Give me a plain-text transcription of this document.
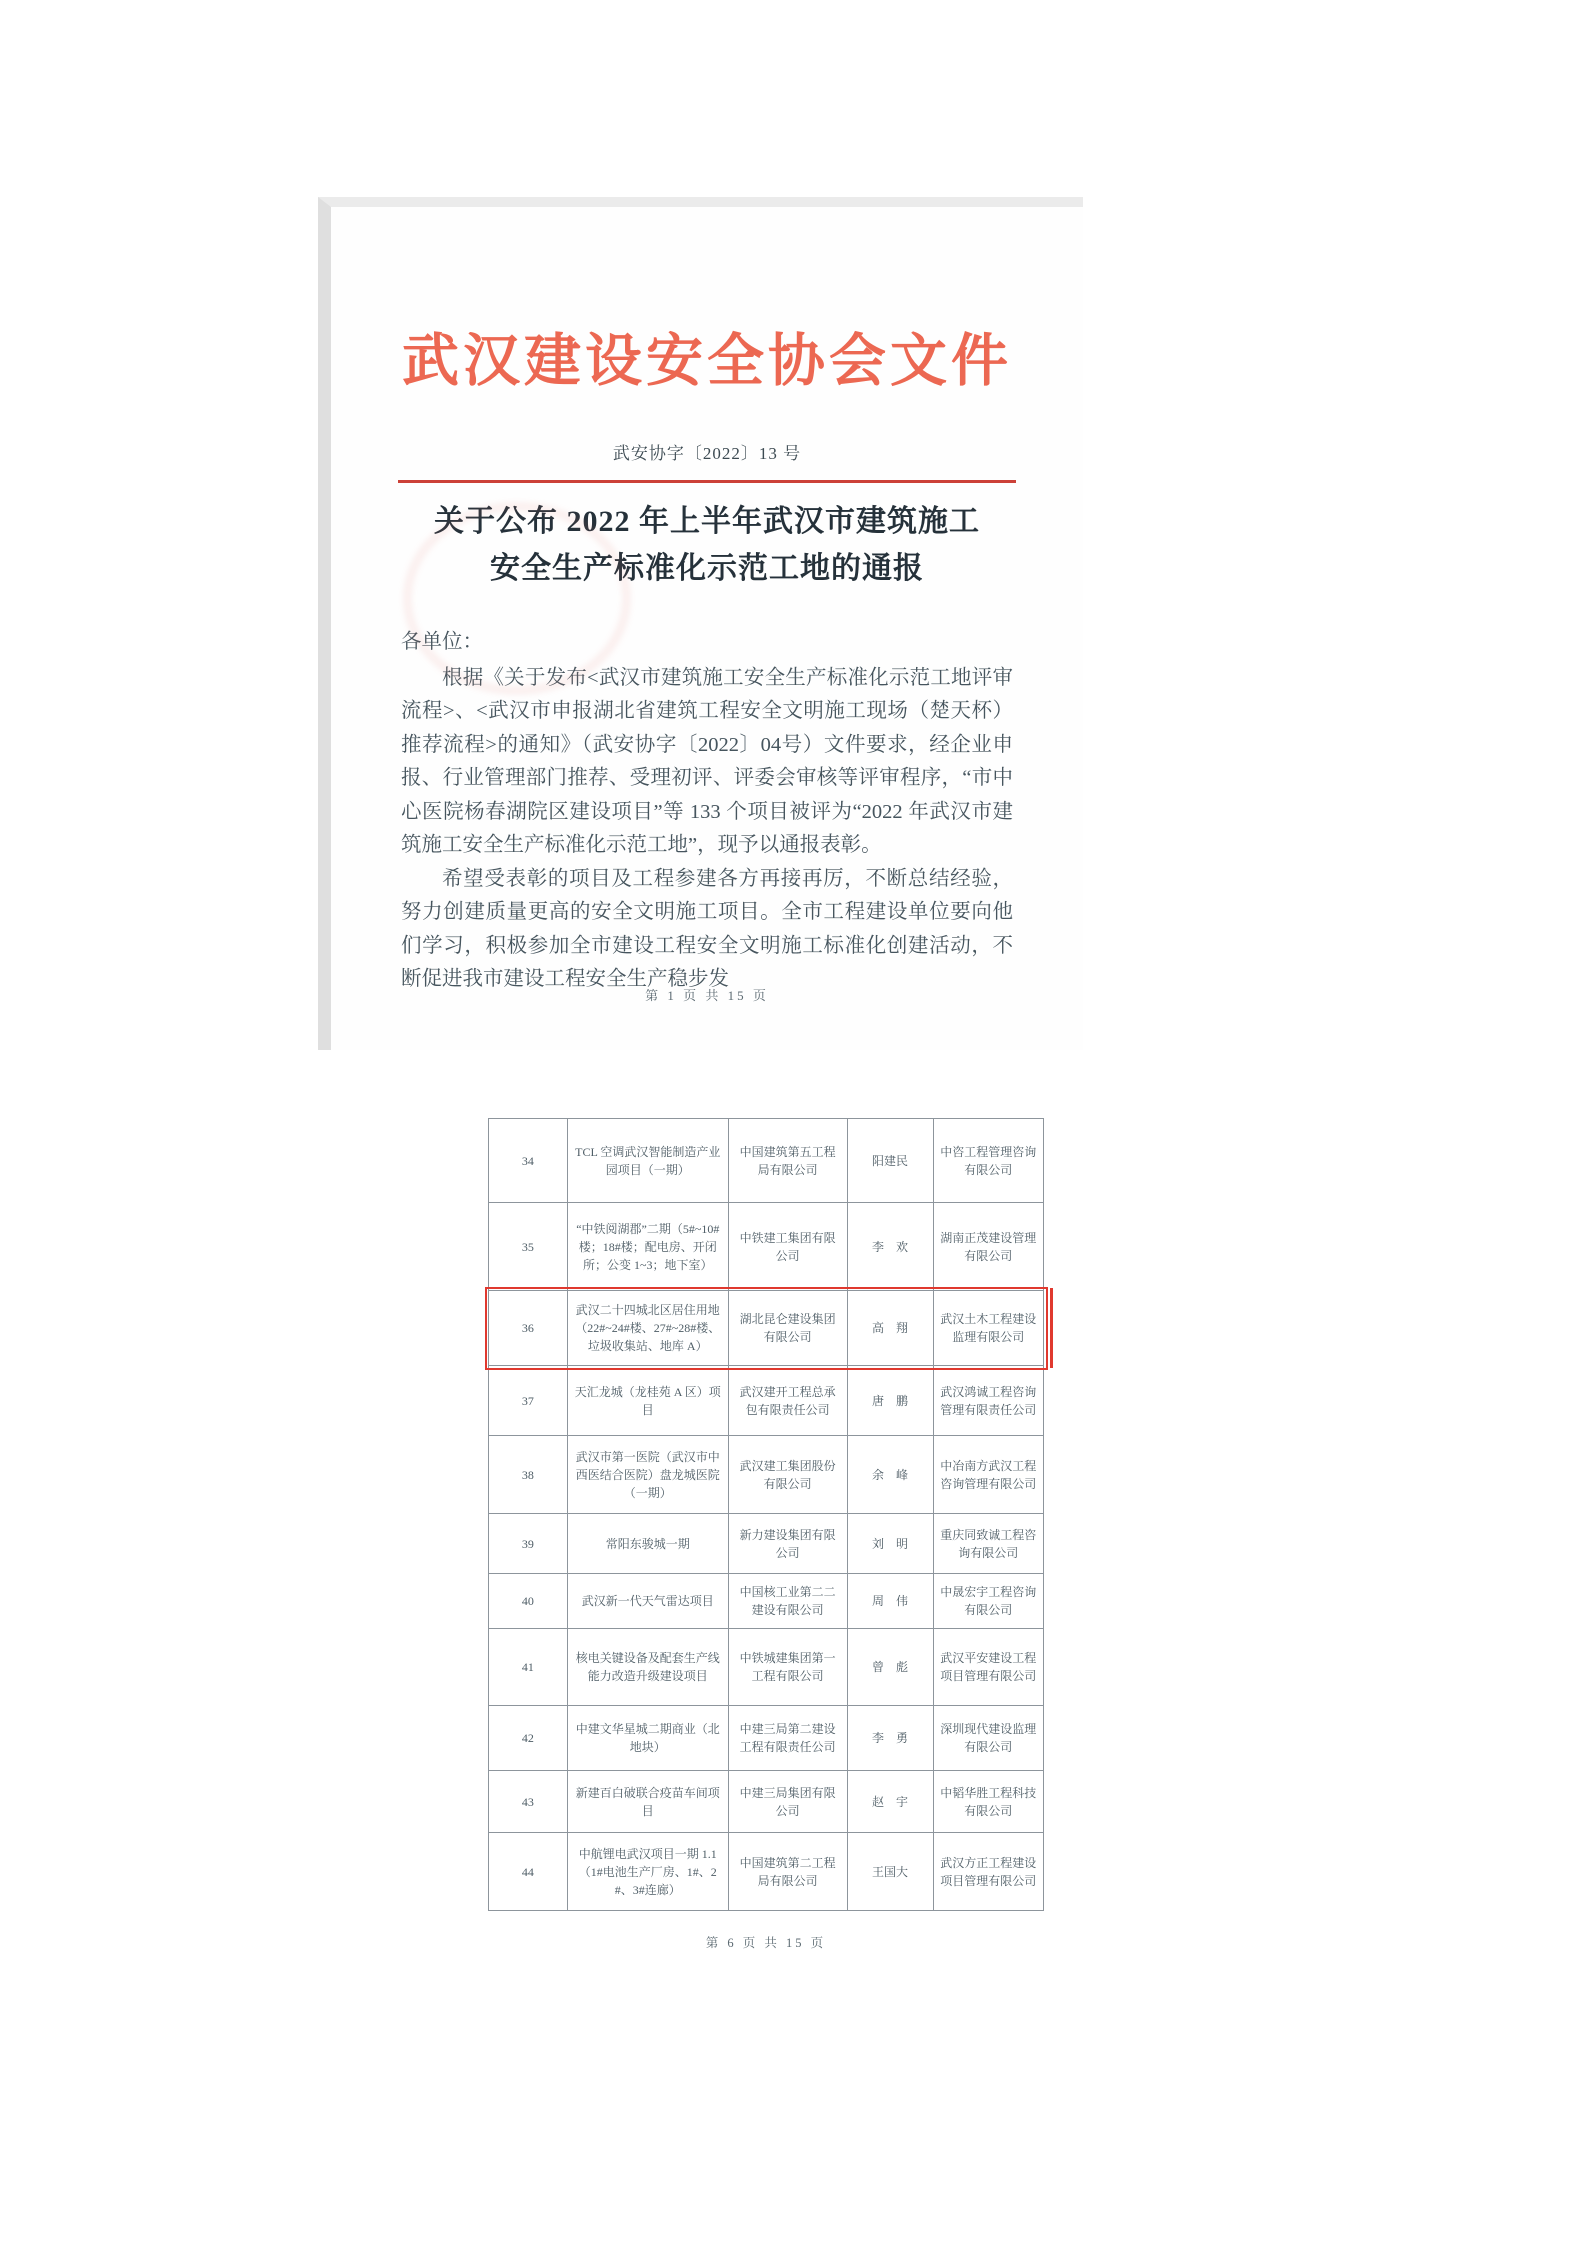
武汉建设安全协会文件
武安协字〔2022〕13 号
关于公布 2022 年上半年武汉市建筑施工
安全生产标准化示范工地的通报
各单位：

根据《关于发布<武汉市建筑施工安全生产标准化示范工地评审流程>、<武汉市申报湖北省建筑工程安全文明施工现场（楚天杯）推荐流程>的通知》（武安协字〔2022〕04号）文件要求，经企业申报、行业管理部门推荐、受理初评、评委会审核等评审程序，“市中心医院杨春湖院区建设项目”等 133 个项目被评为“2022 年武汉市建筑施工安全生产标准化示范工地”，现予以通报表彰。

希望受表彰的项目及工程参建各方再接再厉，不断总结经验，努力创建质量更高的安全文明施工项目。全市工程建设单位要向他们学习，积极参加全市建设工程安全文明施工标准化创建活动，不断促进我市建设工程安全生产稳步发

第 1 页 共 15 页
34	TCL 空调武汉智能制造产业园项目（一期）	中国建筑第五工程局有限公司	阳建民	中咨工程管理咨询有限公司
35	“中铁阅湖郡”二期（5#~10#楼；18#楼；配电房、开闭所；公变 1~3；地下室）	中铁建工集团有限公司	李　欢	湖南正茂建设管理有限公司
36	武汉二十四城北区居住用地（22#~24#楼、27#~28#楼、垃圾收集站、地库 A）	湖北昆仑建设集团有限公司	高　翔	武汉土木工程建设监理有限公司
37	天汇龙城（龙桂苑 A 区）项目	武汉建开工程总承包有限责任公司	唐　鹏	武汉鸿诚工程咨询管理有限责任公司
38	武汉市第一医院（武汉市中西医结合医院）盘龙城医院（一期）	武汉建工集团股份有限公司	余　峰	中冶南方武汉工程咨询管理有限公司
39	常阳东骏城一期	新力建设集团有限公司	刘　明	重庆同致诚工程咨询有限公司
40	武汉新一代天气雷达项目	中国核工业第二二建设有限公司	周　伟	中晟宏宇工程咨询有限公司
41	核电关键设备及配套生产线能力改造升级建设项目	中铁城建集团第一工程有限公司	曾　彪	武汉平安建设工程项目管理有限公司
42	中建文华星城二期商业（北地块）	中建三局第二建设工程有限责任公司	李　勇	深圳现代建设监理有限公司
43	新建百白破联合疫苗车间项目	中建三局集团有限公司	赵　宇	中韬华胜工程科技有限公司
44	中航锂电武汉项目一期 1.1（1#电池生产厂房、1#、2#、3#连廊）	中国建筑第二工程局有限公司	王国大	武汉方正工程建设项目管理有限公司
第 6 页 共 15 页
